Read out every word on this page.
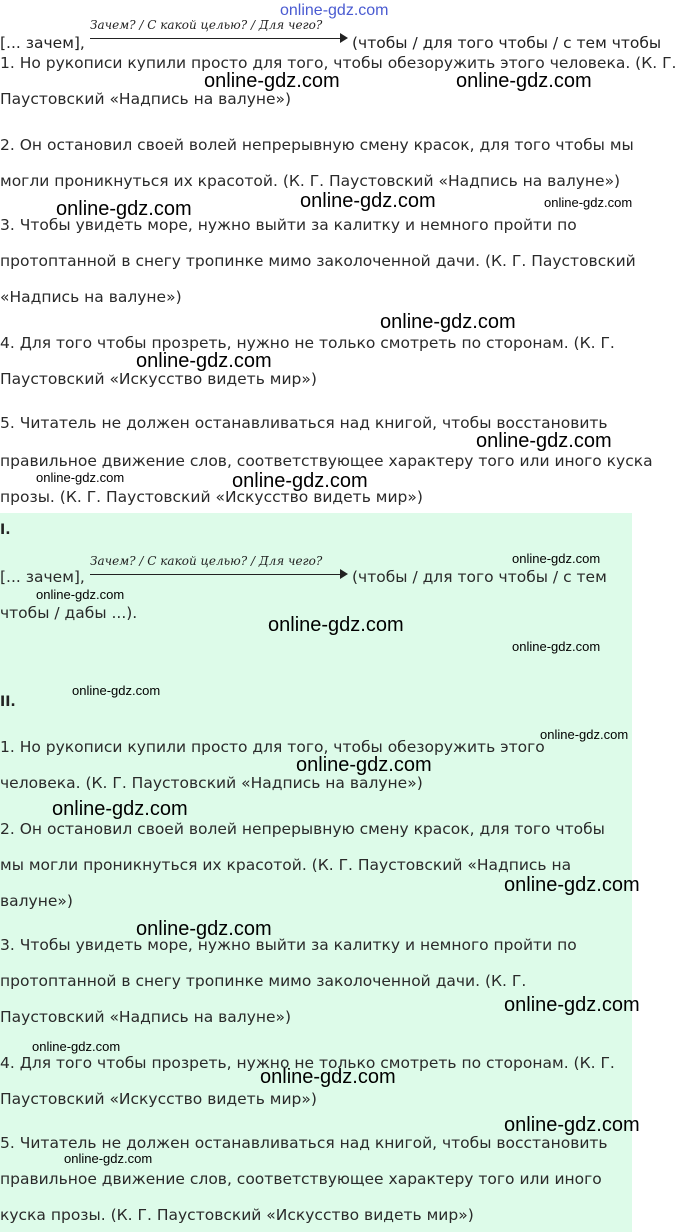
online-gdz.com
[... зачем],
Зачем? / С какой целью? / Для чего?
(чтобы / для того чтобы / с тем чтобы
1. Но рукописи купили просто для того, чтобы обезоружить этого человека. (К. Г.
Паустовский «Надпись на валуне»)
2. Он остановил своей волей непрерывную смену красок, для того чтобы мы
могли проникнуться их красотой. (К. Г. Паустовский «Надпись на валуне»)
3. Чтобы увидеть море, нужно выйти за калитку и немного пройти по
протоптанной в снегу тропинке мимо заколоченной дачи. (К. Г. Паустовский
«Надпись на валуне»)
4. Для того чтобы прозреть, нужно не только смотреть по сторонам. (К. Г.
Паустовский «Искусство видеть мир»)
5. Читатель не должен останавливаться над книгой, чтобы восстановить
правильное движение слов, соответствующее характеру того или иного куска
прозы. (К. Г. Паустовский «Искусство видеть мир»)
I.
[... зачем],
Зачем? / С какой целью? / Для чего?
(чтобы / для того чтобы / с тем
чтобы / дабы ...).
II.
1. Но рукописи купили просто для того, чтобы обезоружить этого
человека. (К. Г. Паустовский «Надпись на валуне»)
2. Он остановил своей волей непрерывную смену красок, для того чтобы
мы могли проникнуться их красотой. (К. Г. Паустовский «Надпись на
валуне»)
3. Чтобы увидеть море, нужно выйти за калитку и немного пройти по
протоптанной в снегу тропинке мимо заколоченной дачи. (К. Г.
Паустовский «Надпись на валуне»)
4. Для того чтобы прозреть, нужно не только смотреть по сторонам. (К. Г.
Паустовский «Искусство видеть мир»)
5. Читатель не должен останавливаться над книгой, чтобы восстановить
правильное движение слов, соответствующее характеру того или иного
куска прозы. (К. Г. Паустовский «Искусство видеть мир»)
online-gdz.com	online-gdz.com
online-gdz.com	online-gdz.com	online-gdz.com
online-gdz.com
online-gdz.com
online-gdz.com
online-gdz.com	online-gdz.com
online-gdz.com
online-gdz.com
online-gdz.com
online-gdz.com
online-gdz.com
online-gdz.com
online-gdz.com
online-gdz.com
online-gdz.com
online-gdz.com
online-gdz.com
online-gdz.com
online-gdz.com
online-gdz.com
online-gdz.com
